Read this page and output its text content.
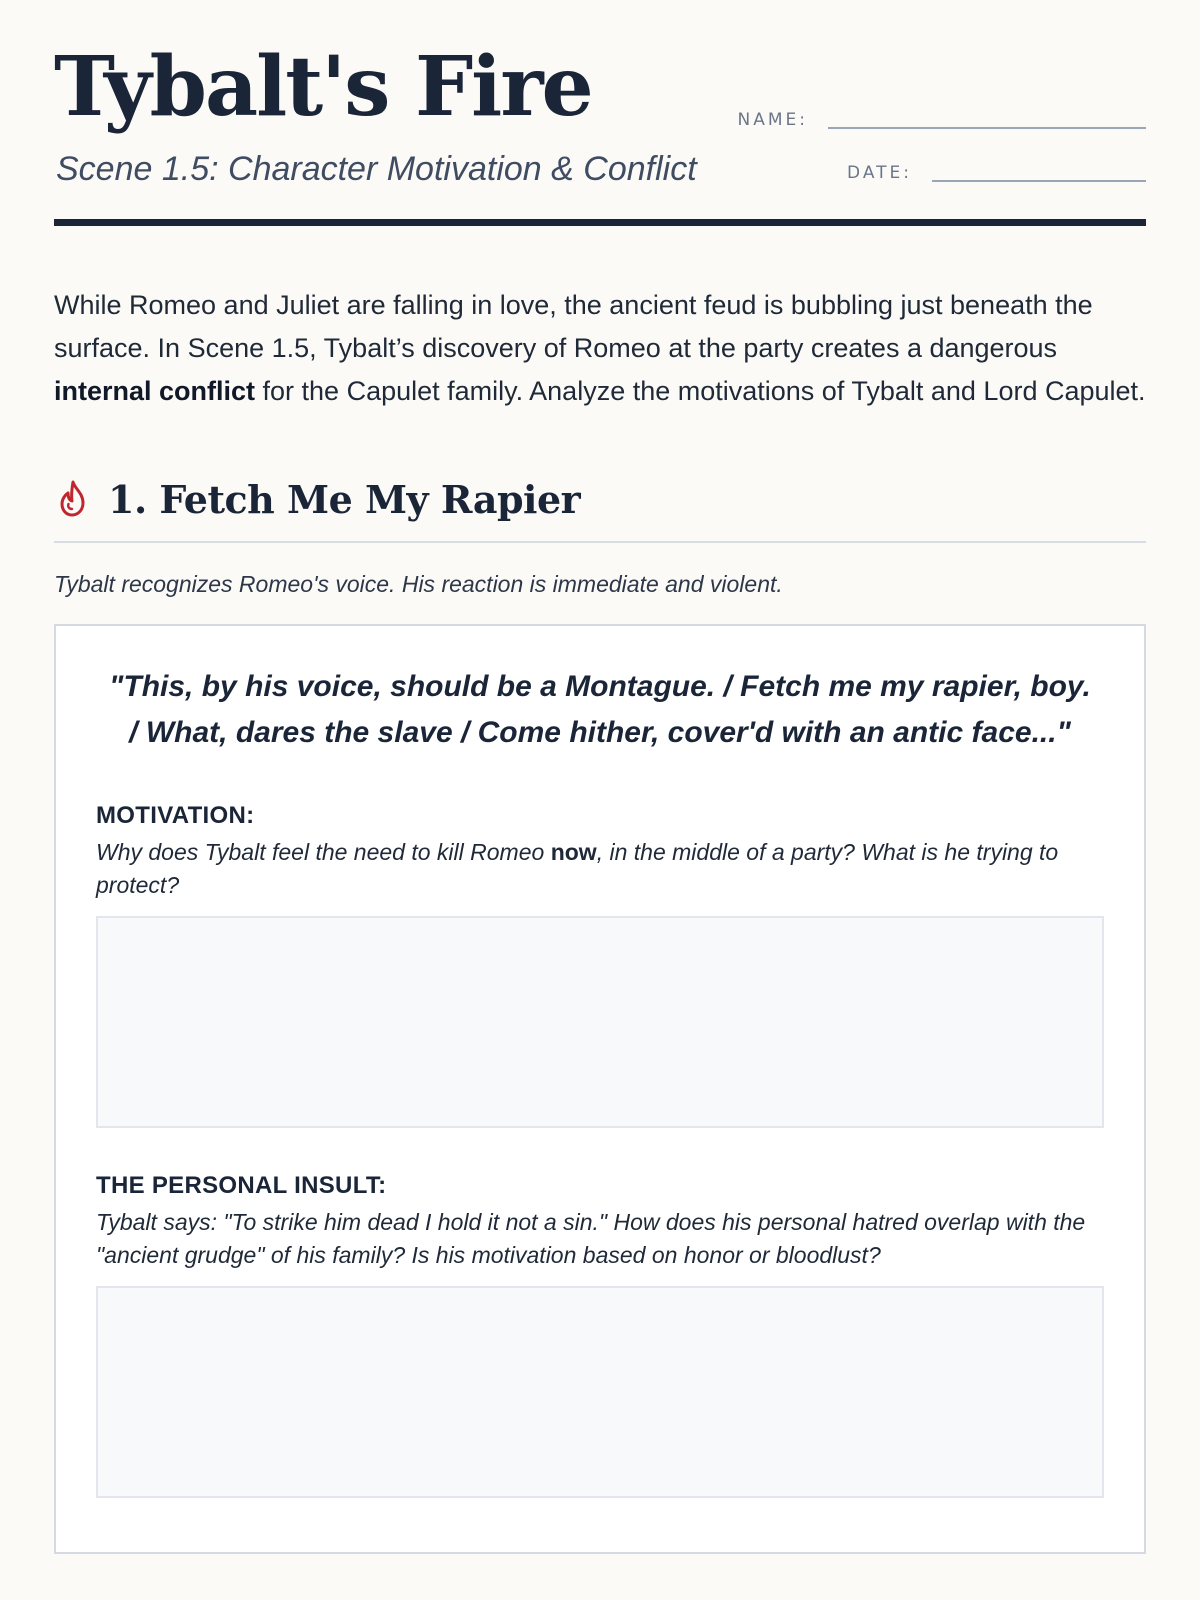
Tybalt's Fire
Scene 1.5: Character Motivation & Conflict
NAME:
DATE:

While Romeo and Juliet are falling in love, the ancient feud is bubbling just beneath the surface. In Scene 1.5, Tybalt’s discovery of Romeo at the party creates a dangerous internal conflict for the Capulet family. Analyze the motivations of Tybalt and Lord Capulet.

1. Fetch Me My Rapier

Tybalt recognizes Romeo's voice. His reaction is immediate and violent.

"This, by his voice, should be a Montague. / Fetch me my rapier, boy. / What, dares the slave / Come hither, cover'd with an antic face..."

MOTIVATION:

Why does Tybalt feel the need to kill Romeo now, in the middle of a party? What is he trying to protect?

THE PERSONAL INSULT:

Tybalt says: "To strike him dead I hold it not a sin." How does his personal hatred overlap with the "ancient grudge" of his family? Is his motivation based on honor or bloodlust?
